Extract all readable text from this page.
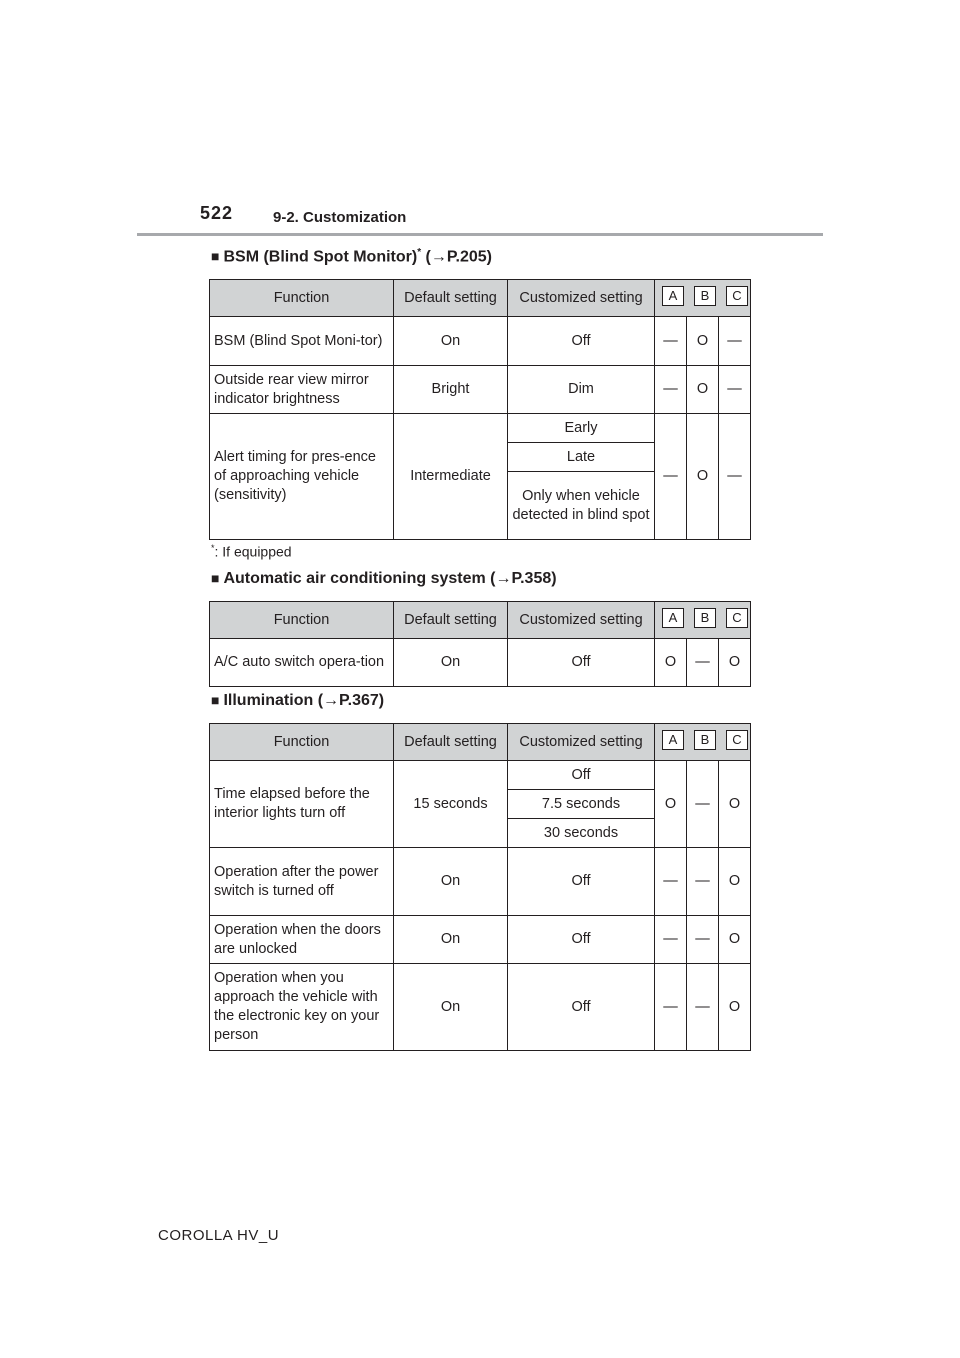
522	9-2. Customization
■ BSM (Blind Spot Monitor)* (→P.205)
Function	Default setting	Customized setting	A B C		
BSM (Blind Spot Moni-tor)	On	Off	—	O	—
Outside rear view mirror indicator brightness	Bright	Dim	—	O	—
Alert timing for pres-ence of approaching vehicle (sensitivity)	Intermediate	Early	—	O	—
		Late			
		Only when vehicle detected in blind spot			
*: If equipped
■ Automatic air conditioning system (→P.358)
Function	Default setting	Customized setting	A B C		
A/C auto switch opera-tion	On	Off	O	—	O
■ Illumination (→P.367)
Function	Default setting	Customized setting	A B C		
Time elapsed before the interior lights turn off	15 seconds	Off	O	—	O
		7.5 seconds			
		30 seconds			
Operation after the power switch is turned off	On	Off	—	—	O
Operation when the doors are unlocked	On	Off	—	—	O
Operation when you approach the vehicle with the electronic key on your person	On	Off	—	—	O
COROLLA HV_U
